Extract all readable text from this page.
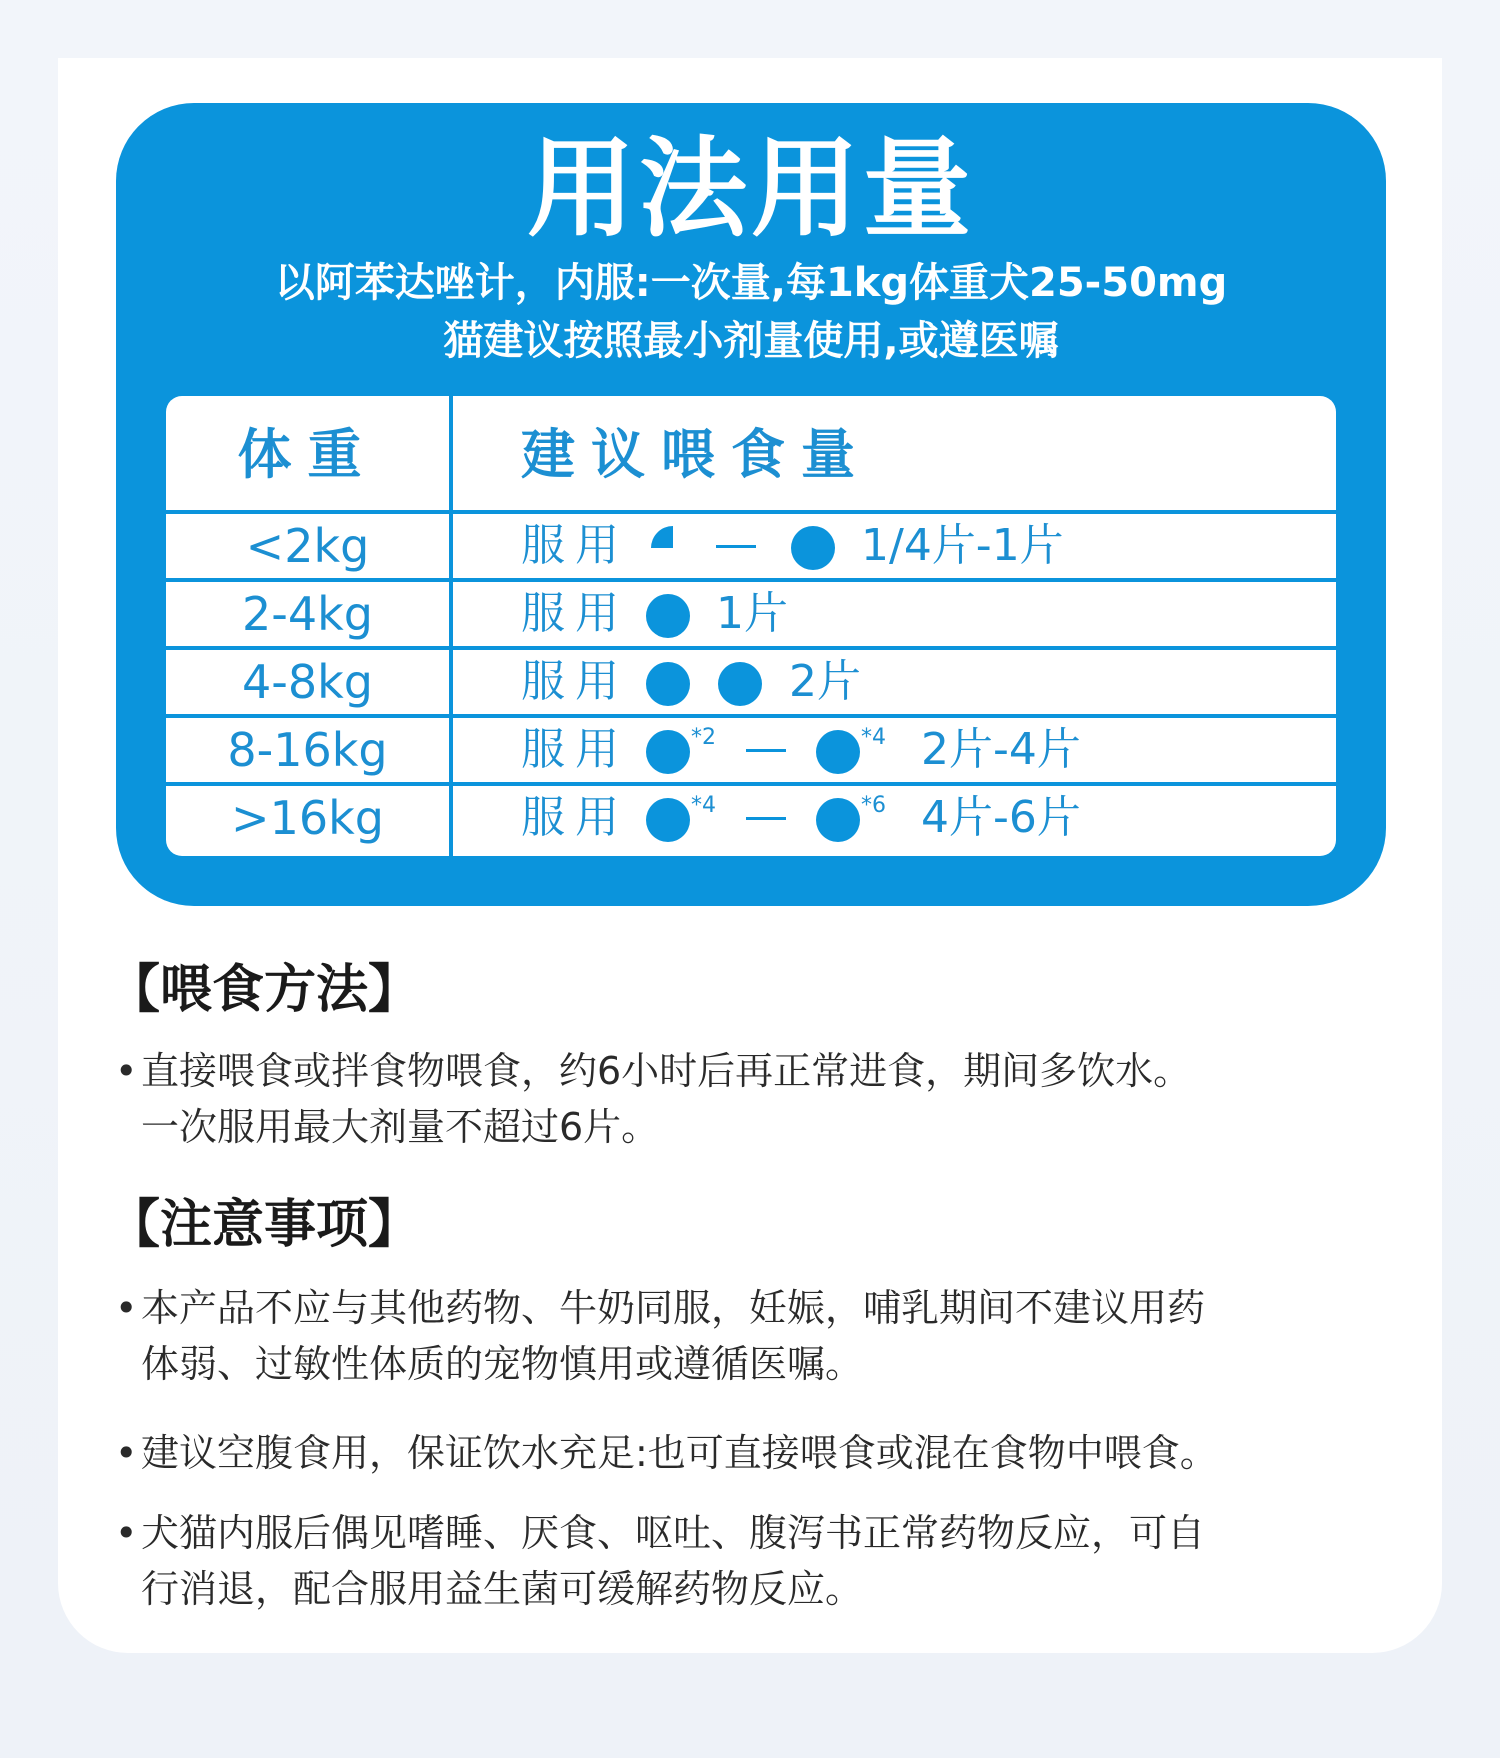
用法用量
以阿苯达唑计，内服:一次量,每1kg体重犬25-50mg
猫建议按照最小剂量使用,或遵医嘱
体重	建议喂食量
<2kg	服用	1/4片-1片
2-4kg	服用 1片
4-8kg	服用	2片
8-16kg	服用	*2	*4 2片-4片
>16kg	服用	*4	*6 4片-6片
【喂食方法】
• 直接喂食或拌食物喂食，约6小时后再正常进食，期间多饮水。
一次服用最大剂量不超过6片。
【注意事项】
• 本产品不应与其他药物、牛奶同服，妊娠，哺乳期间不建议用药
体弱、过敏性体质的宠物慎用或遵循医嘱。
• 建议空腹食用，保证饮水充足:也可直接喂食或混在食物中喂食。
• 犬猫内服后偶见嗜睡、厌食、呕吐、腹泻书正常药物反应，可自
行消退，配合服用益生菌可缓解药物反应。
